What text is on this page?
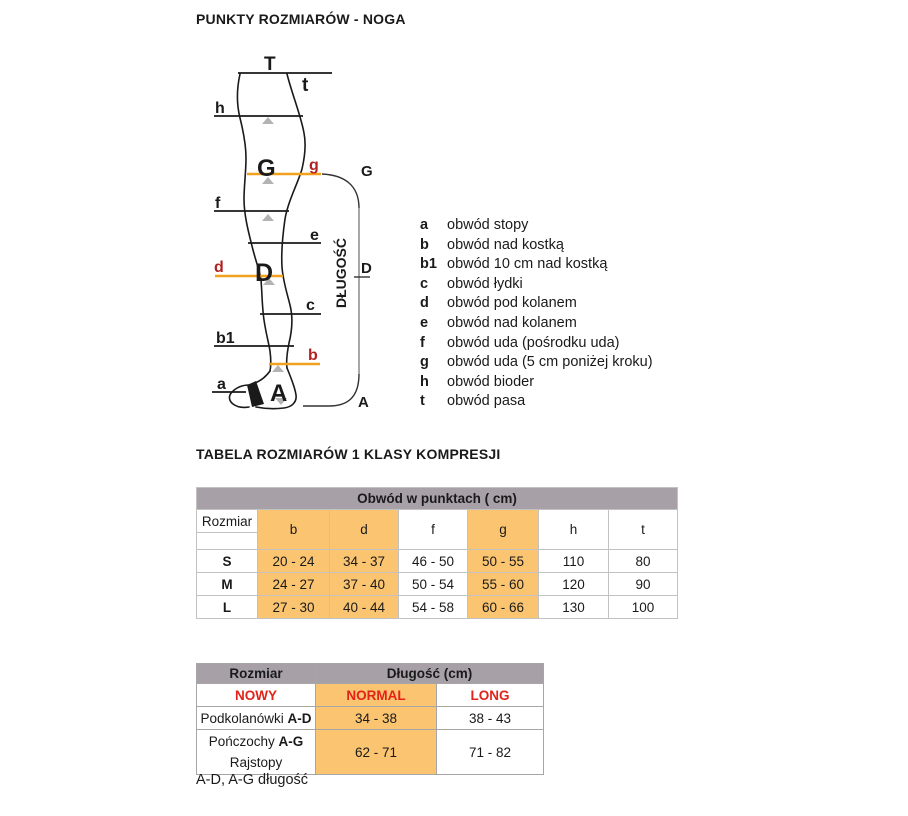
PUNKTY ROZMIARÓW - NOGA
T
t
h
G g	G
f
e
D
d	D
c
b1
b
a A	A
DŁUGOŚĆ
a	obwód stopy
b	obwód nad kostką
b1 obwód 10 cm nad kostką
c	obwód łydki
d	obwód pod kolanem
e	obwód nad kolanem
f	obwód uda (pośrodku uda)
g	obwód uda (5 cm poniżej kroku)
h	obwód bioder
t	obwód pasa
TABELA ROZMIARÓW 1 KLASY KOMPRESJI
Obwód w punktach ( cm)						
Rozmiar	b	d	f	g	h	t

S	20 - 24	34 - 37	46 - 50	50 - 55	110	80
M	24 - 27	37 - 40	50 - 54	55 - 60	120	90
L	27 - 30	40 - 44	54 - 58	60 - 66	130	100
Rozmiar	Długość (cm)	
NOWY	NORMAL	LONG
Podkolanówki A-D	34 - 38	38 - 43

Pończochy A-G
Rajstopy	62 - 71	71 - 82
A-D, A-G długość
